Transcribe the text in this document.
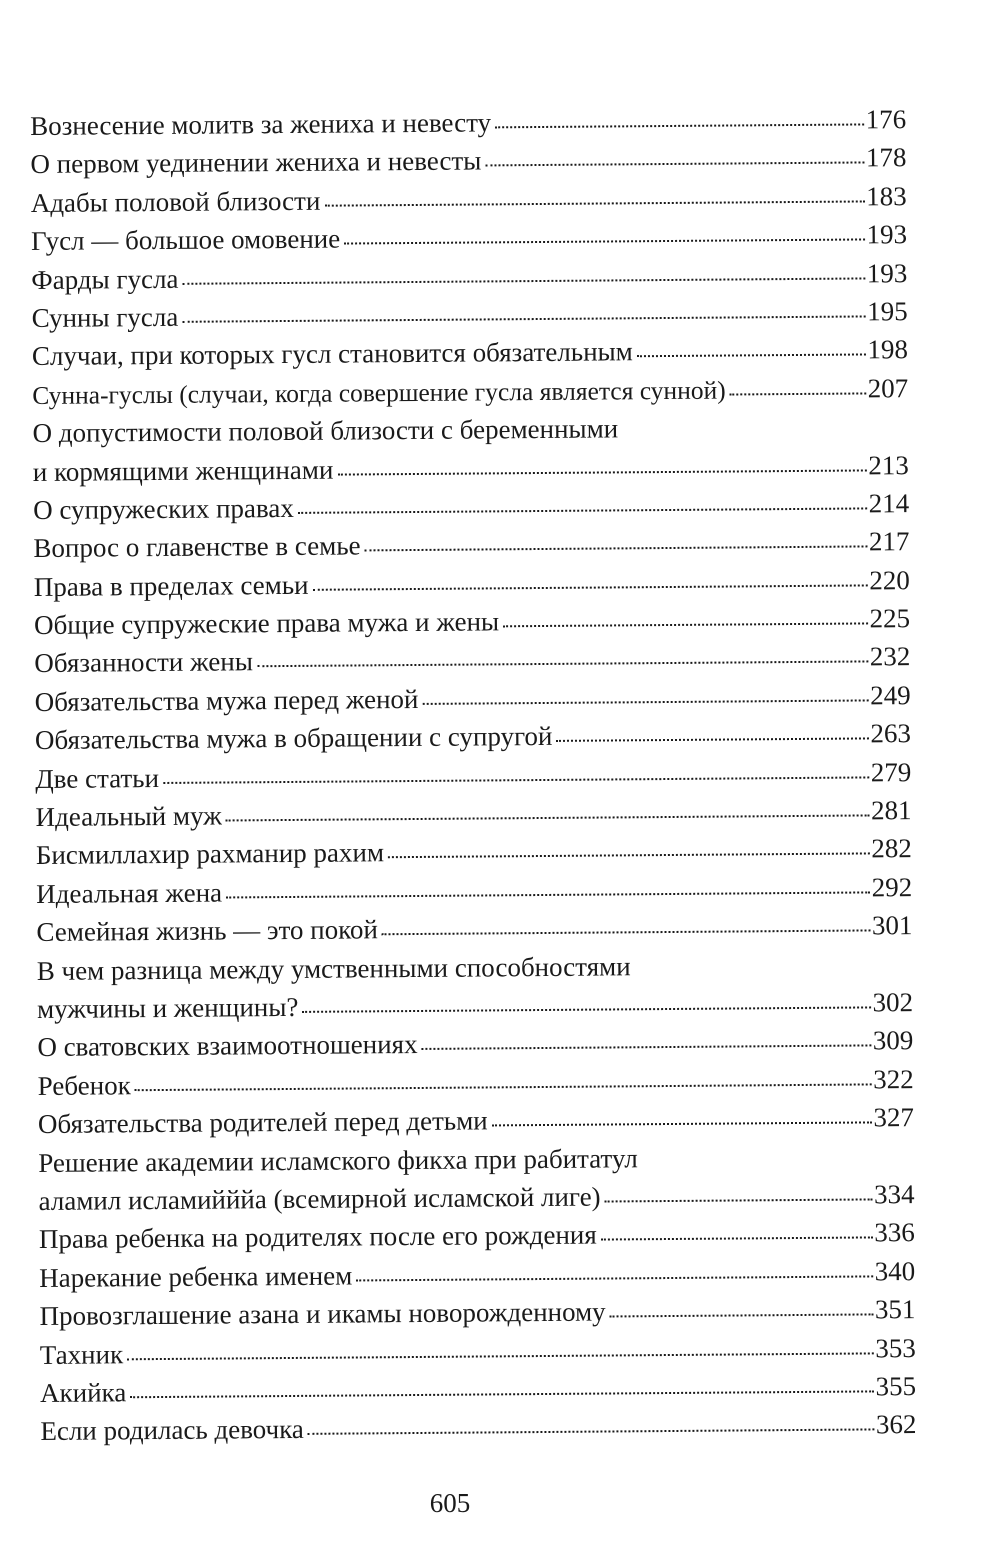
Вознесение молитв за жениха и невесту	176
О первом уединении жениха и невесты	178
Адабы половой близости	183
Гусл — большое омовение	193
Фарды гусла	193
Сунны гусла	195
Случаи, при которых гусл становится обязательным	198
Сунна-гуслы (случаи, когда совершение гусла является сунной)	207
О допустимости половой близости с беременными
и кормящими женщинами	213
О супружеских правах	214
Вопрос о главенстве в семье	217
Права в пределах семьи	220
Общие супружеские права мужа и жены	225
Обязанности жены	232
Обязательства мужа перед женой	249
Обязательства мужа в обращении с супругой	263
Две статьи	279
Идеальный муж	281
Бисмиллахир рахманир рахим	282
Идеальная жена	292
Семейная жизнь — это покой	301
В чем разница между умственными способностями
мужчины и женщины?	302
О сватовских взаимоотношениях	309
Ребенок	322
Обязательства родителей перед детьми	327
Решение академии исламского фикха при рабитатул
аламил исламийййа (всемирной исламской лиге)	334
Права ребенка на родителях после его рождения	336
Нарекание ребенка именем	340
Провозглашение азана и икамы новорожденному	351
Тахник	353
Акийка	355
Если родилась девочка	362
605
